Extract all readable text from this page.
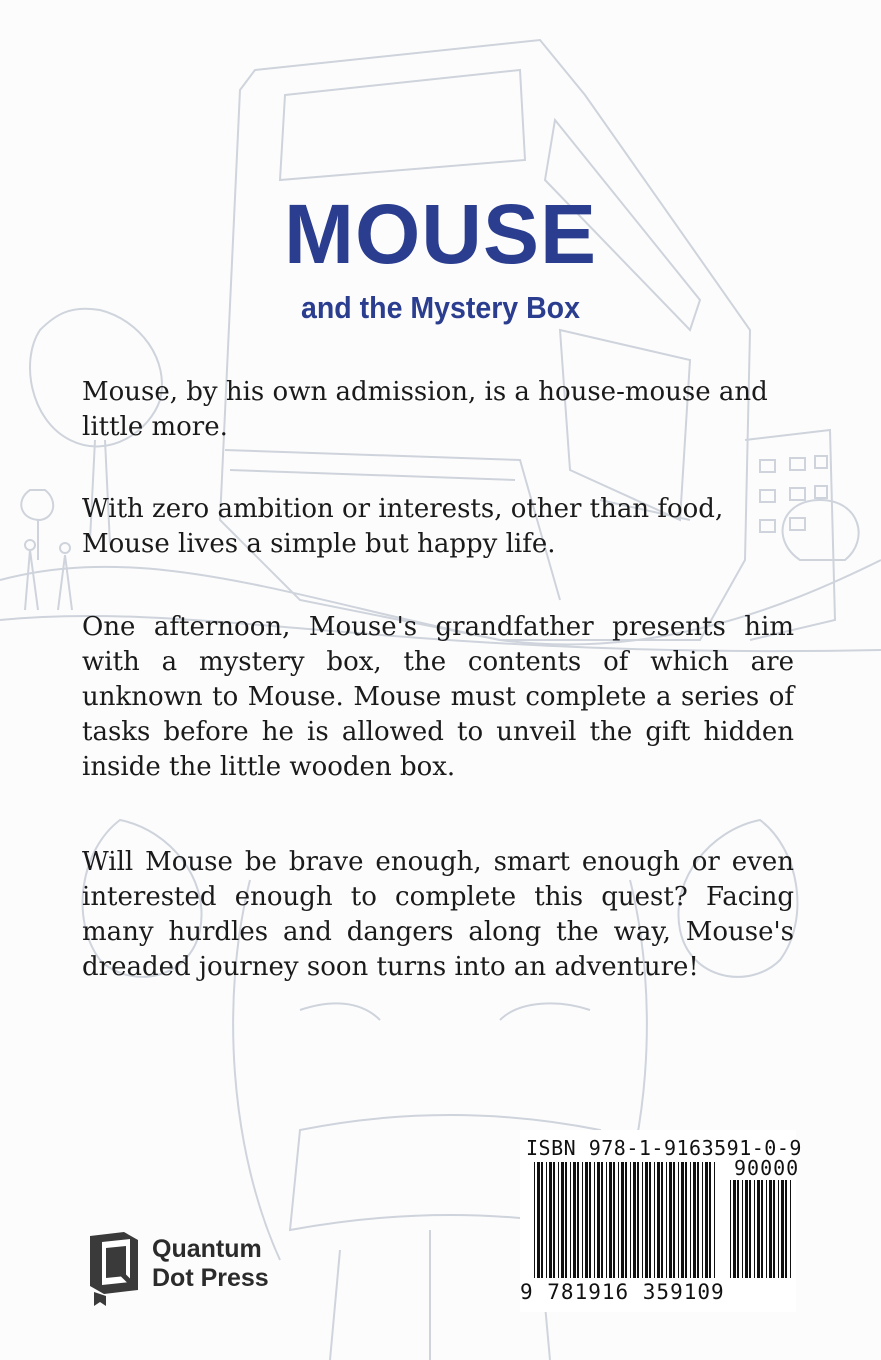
MOUSE
and the Mystery Box

Mouse, by his own admission, is a house-mouse and little more.

With zero ambition or interests, other than food, Mouse lives a simple but happy life.

One afternoon, Mouse's grandfather presents him with a mystery box, the contents of which are unknown to Mouse. Mouse must complete a series of tasks before he is allowed to unveil the gift hidden inside the little wooden box.

Will Mouse be brave enough, smart enough or even interested enough to complete this quest? Facing many hurdles and dangers along the way, Mouse's dreaded journey soon turns into an adventure!

Quantum
Dot Press
ISBN 978-1-9163591-0-9
90000
9 781916 359109
